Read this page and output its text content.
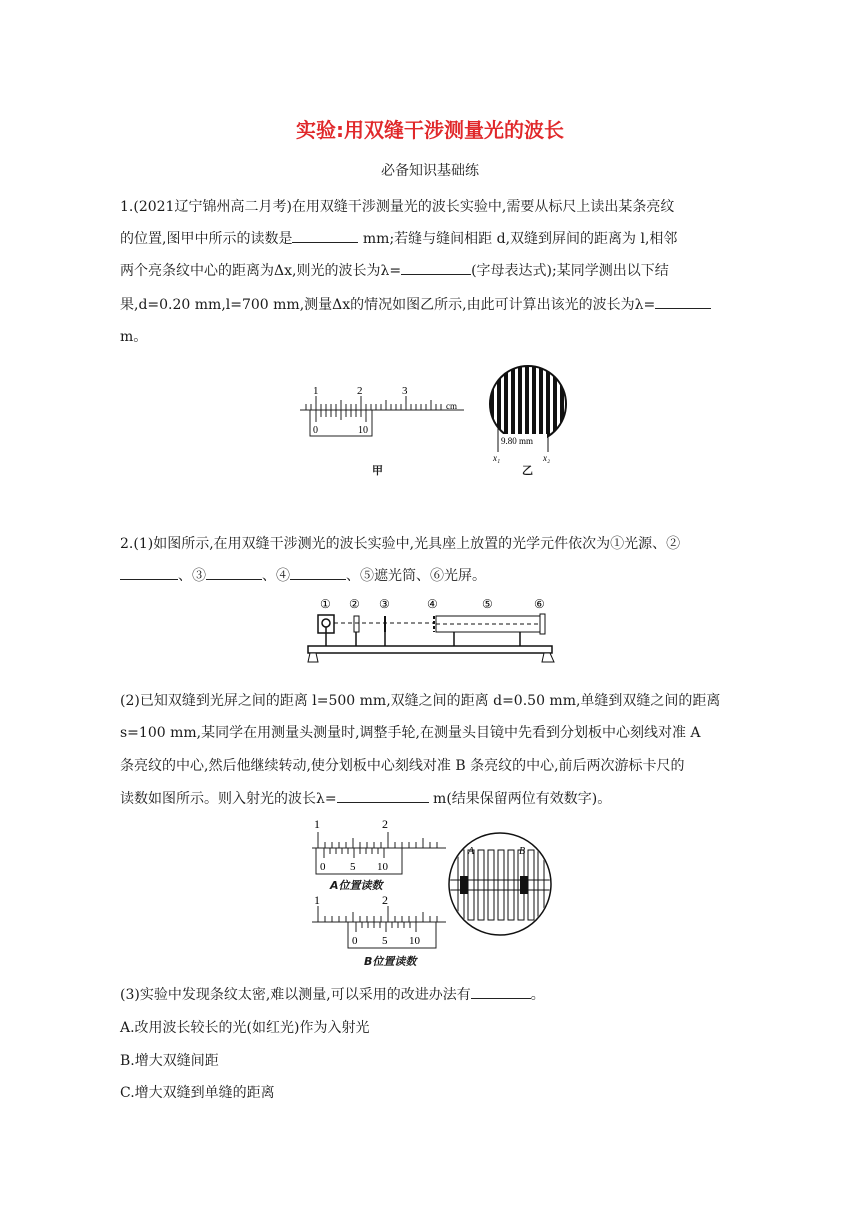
实验:用双缝干涉测量光的波长
必备知识基础练
1.(2021辽宁锦州高二月考)在用双缝干涉测量光的波长实验中,需要从标尺上读出某条亮纹
的位置,图甲中所示的读数是	mm;若缝与缝间相距 d,双缝到屏间的距离为 l,相邻
两个亮条纹中心的距离为Δx,则光的波长为λ=	(字母表达式);某同学测出以下结
果,d=0.20 mm,l=700 mm,测量Δx的情况如图乙所示,由此可计算出该光的波长为λ=
m。
1	2	3
cm
0	10
甲
9.80 mm
x₁	x₂
乙
2.(1)如图所示,在用双缝干涉测光的波长实验中,光具座上放置的光学元件依次为①光源、②
、③	、④	、⑤遮光筒、⑥光屏。
① ② ③	④	⑤	⑥
(2)已知双缝到光屏之间的距离 l=500 mm,双缝之间的距离 d=0.50 mm,单缝到双缝之间的距离
s=100 mm,某同学在用测量头测量时,调整手轮,在测量头目镜中先看到分划板中心刻线对准 A
条亮纹的中心,然后他继续转动,使分划板中心刻线对准 B 条亮纹的中心,前后两次游标卡尺的
读数如图所示。则入射光的波长λ=	m(结果保留两位有效数字)。
1	2
0 5 10
A位置读数
1	2
0 5 10
B位置读数
A	B
(3)实验中发现条纹太密,难以测量,可以采用的改进办法有	。
A.改用波长较长的光(如红光)作为入射光
B.增大双缝间距
C.增大双缝到单缝的距离
